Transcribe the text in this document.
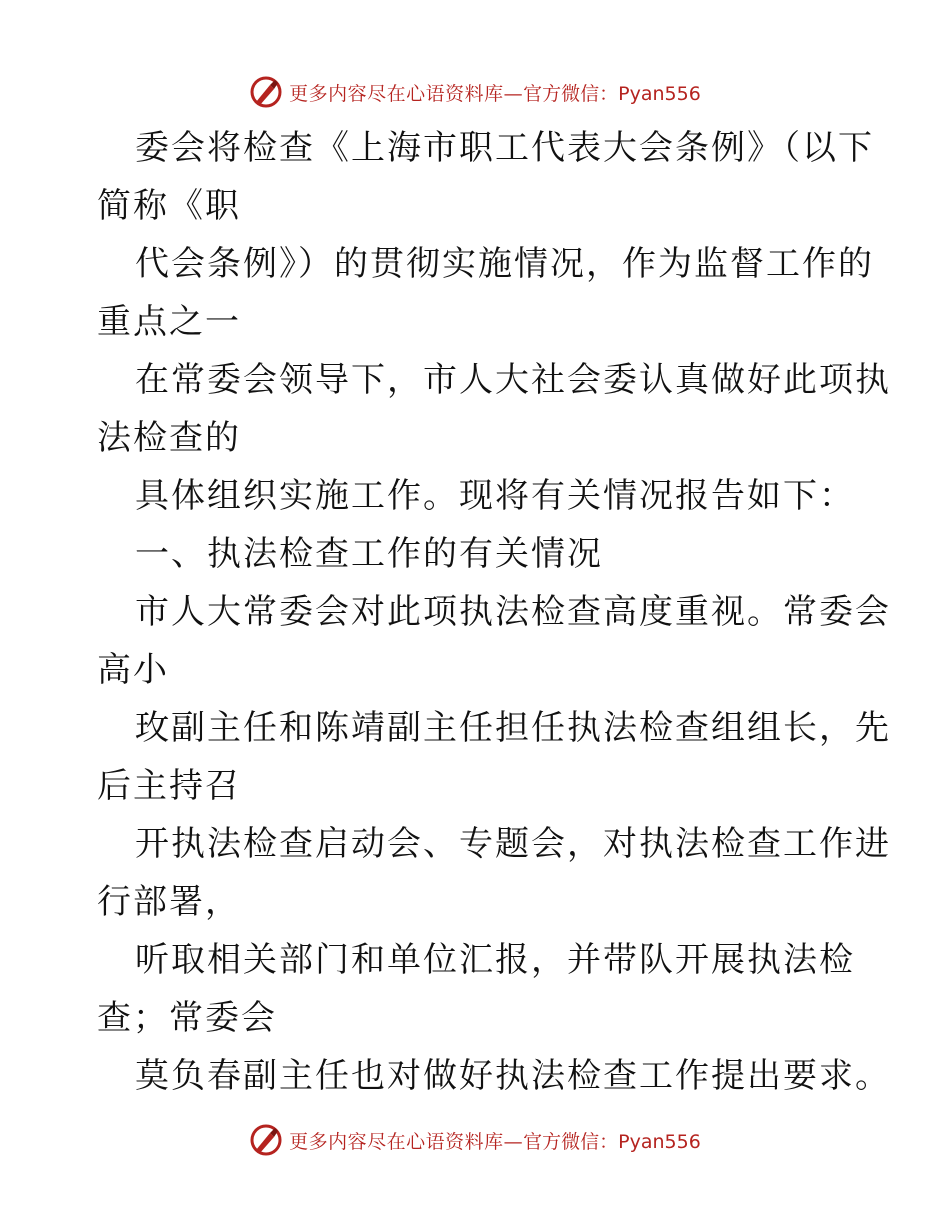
更多内容尽在心语资料库— 官方微信：Pyan556
委会将检查《上海市职工代表大会条例》（以下
简称《职
代会条例》）的贯彻实施情况，作为监督工作的
重点之一
在常委会领导下，市人大社会委认真做好此项执
法检查的
具体组织实施工作。现将有关情况报告如下：
一、执法检查工作的有关情况
市人大常委会对此项执法检查高度重视。常委会
高小
玫副主任和陈靖副主任担任执法检查组组长，先
后主持召
开执法检查启动会、专题会，对执法检查工作进
行部署，
听取相关部门和单位汇报，并带队开展执法检
查；常委会
莫负春副主任也对做好执法检查工作提出要求。
更多内容尽在心语资料库— 官方微信：Pyan556
